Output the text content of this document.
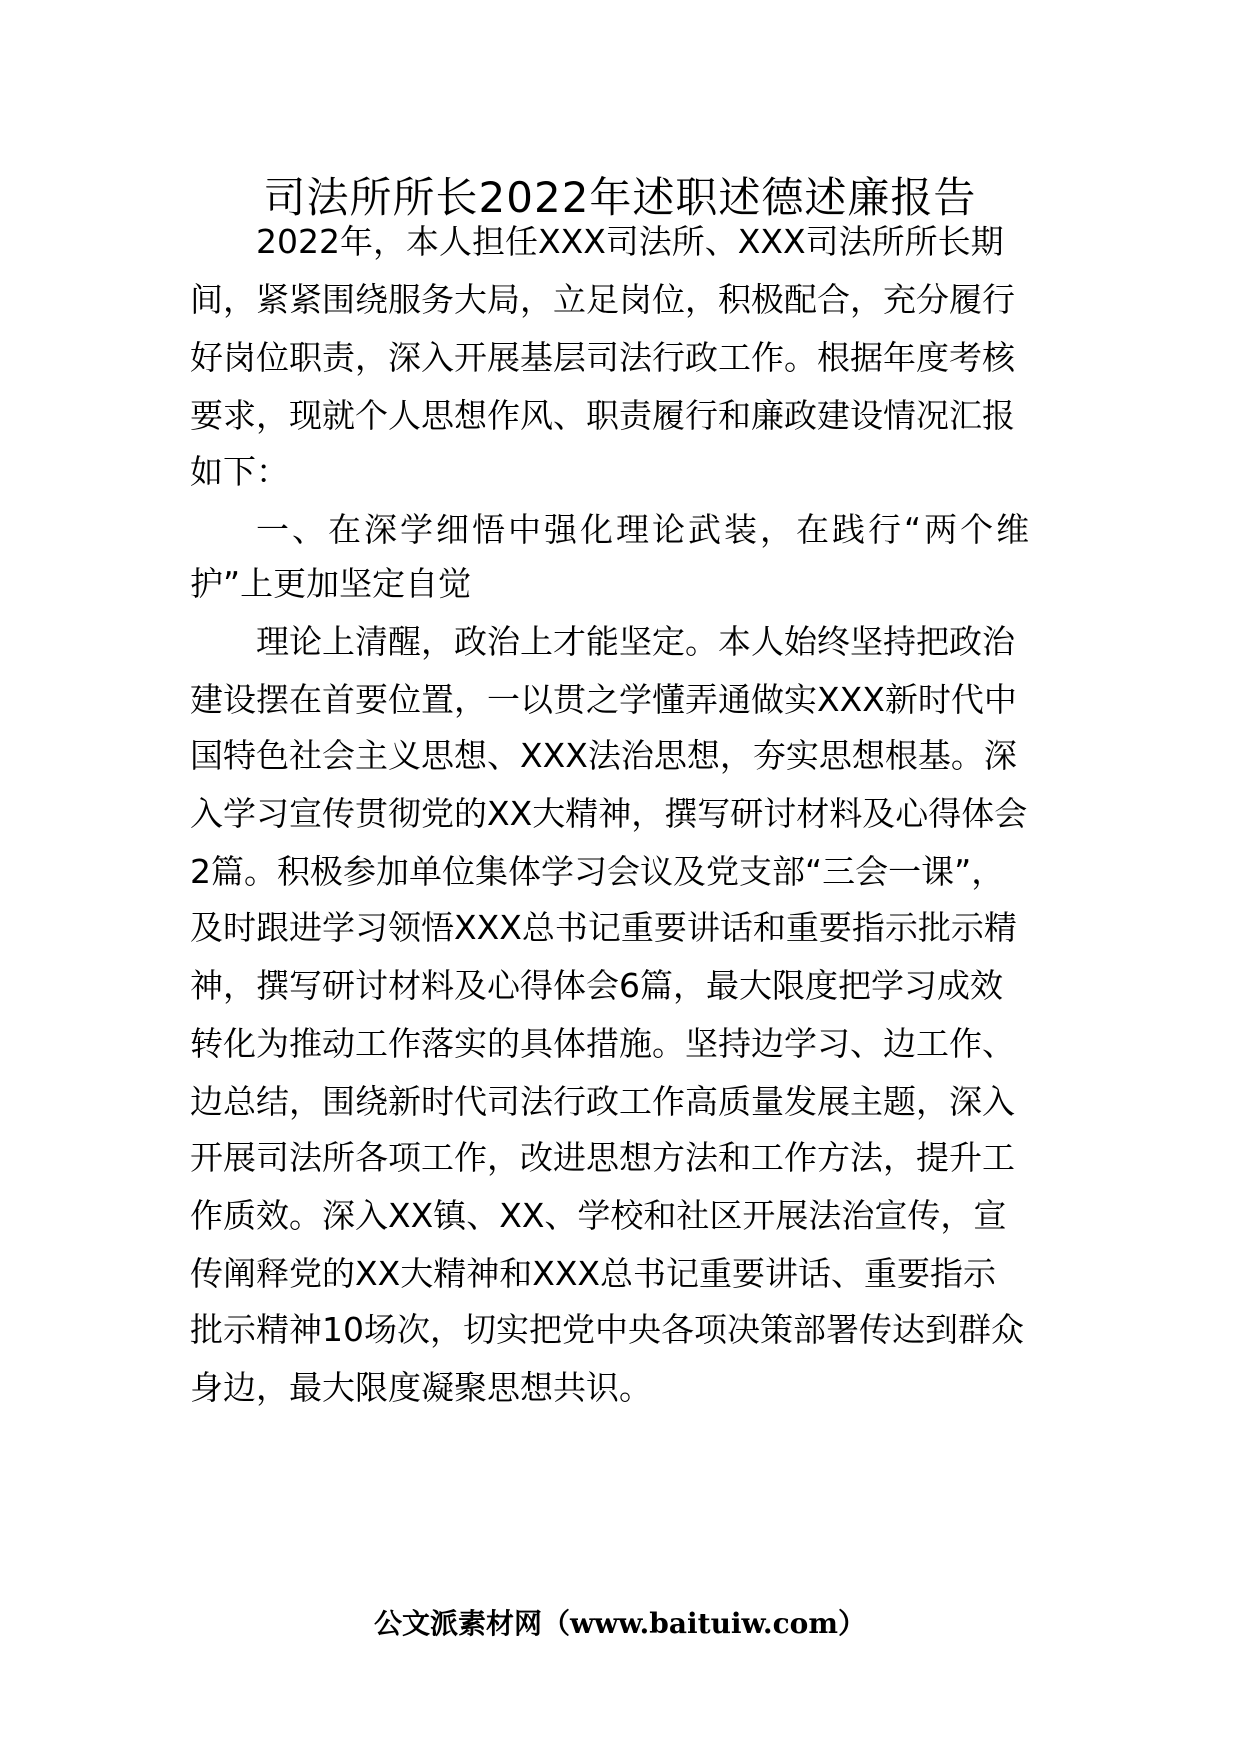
司法所所长2022年述职述德述廉报告
2022年，本人担任XXX司法所、XXX司法所所长期
间，紧紧围绕服务大局，立足岗位，积极配合，充分履行
好岗位职责，深入开展基层司法行政工作。根据年度考核
要求，现就个人思想作风、职责履行和廉政建设情况汇报
如下：
一、在深学细悟中强化理论武装，在践行“两个维
护”上更加坚定自觉
理论上清醒，政治上才能坚定。本人始终坚持把政治
建设摆在首要位置，一以贯之学懂弄通做实XXX新时代中
国特色社会主义思想、XXX法治思想，夯实思想根基。深
入学习宣传贯彻党的XX大精神，撰写研讨材料及心得体会
2篇。积极参加单位集体学习会议及党支部“三会一课”，
及时跟进学习领悟XXX总书记重要讲话和重要指示批示精
神，撰写研讨材料及心得体会6篇，最大限度把学习成效
转化为推动工作落实的具体措施。坚持边学习、边工作、
边总结，围绕新时代司法行政工作高质量发展主题，深入
开展司法所各项工作，改进思想方法和工作方法，提升工
作质效。深入XX镇、XX、学校和社区开展法治宣传，宣
传阐释党的XX大精神和XXX总书记重要讲话、重要指示
批示精神10场次，切实把党中央各项决策部署传达到群众
身边，最大限度凝聚思想共识。
公文派素材网（www.baituiw.com）
